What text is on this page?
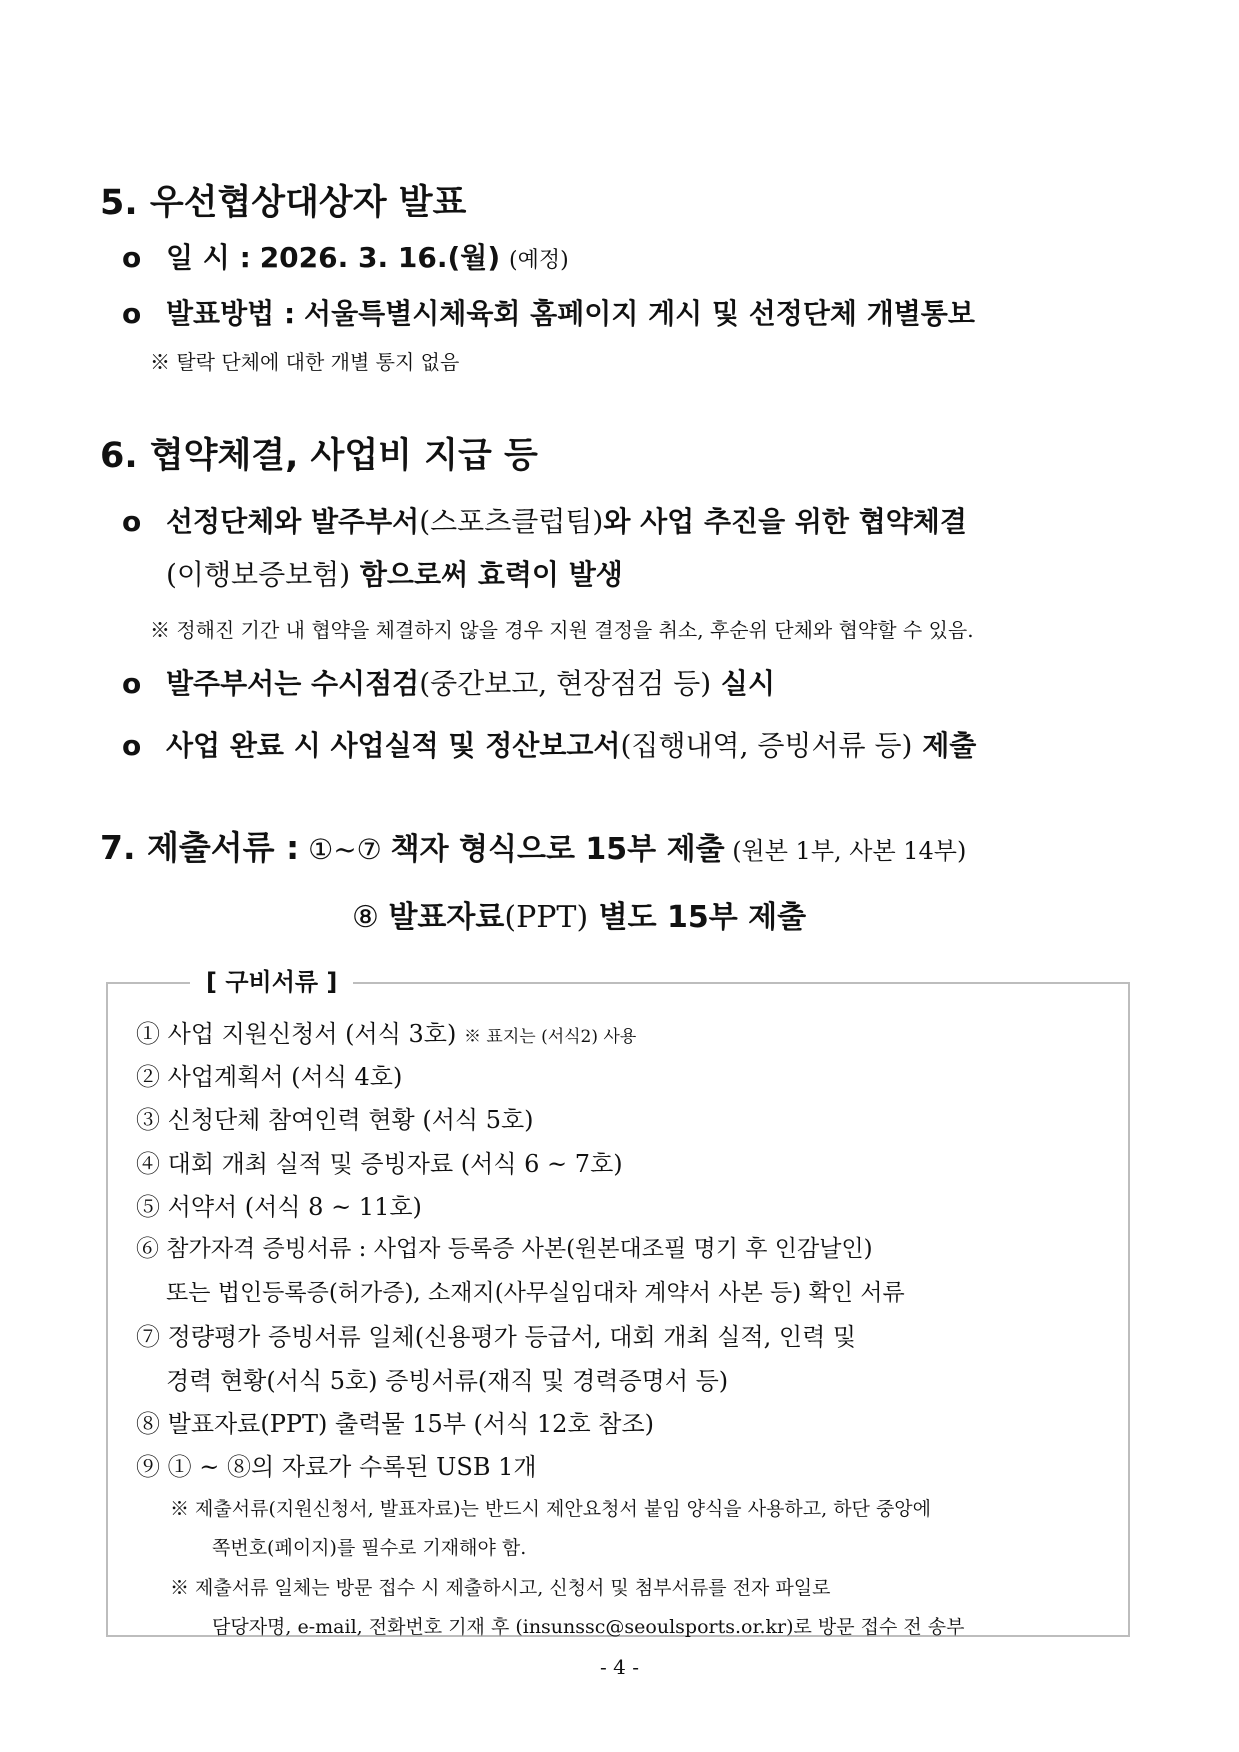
5. 우선협상대상자 발표
o 일 시 : 2026. 3. 16.(월) (예정)
o 발표방법 : 서울특별시체육회 홈페이지 게시 및 선정단체 개별통보
※ 탈락 단체에 대한 개별 통지 없음
6. 협약체결, 사업비 지급 등
o 선정단체와 발주부서(스포츠클럽팀)와 사업 추진을 위한 협약체결
(이행보증보험) 함으로써 효력이 발생
※ 정해진 기간 내 협약을 체결하지 않을 경우 지원 결정을 취소, 후순위 단체와 협약할 수 있음.
o 발주부서는 수시점검(중간보고, 현장점검 등) 실시
o 사업 완료 시 사업실적 및 정산보고서(집행내역, 증빙서류 등) 제출
7. 제출서류 : ①~⑦ 책자 형식으로 15부 제출 (원본 1부, 사본 14부)
⑧ 발표자료(PPT) 별도 15부 제출
[ 구비서류 ]
① 사업 지원신청서 (서식 3호) ※ 표지는 (서식2) 사용
② 사업계획서 (서식 4호)
③ 신청단체 참여인력 현황 (서식 5호)
④ 대회 개최 실적 및 증빙자료 (서식 6 ~ 7호)
⑤ 서약서 (서식 8 ~ 11호)
⑥ 참가자격 증빙서류 : 사업자 등록증 사본(원본대조필 명기 후 인감날인)
또는 법인등록증(허가증), 소재지(사무실임대차 계약서 사본 등) 확인 서류
⑦ 정량평가 증빙서류 일체(신용평가 등급서, 대회 개최 실적, 인력 및
경력 현황(서식 5호) 증빙서류(재직 및 경력증명서 등)
⑧ 발표자료(PPT) 출력물 15부 (서식 12호 참조)
⑨ ① ~ ⑧의 자료가 수록된 USB 1개
※ 제출서류(지원신청서, 발표자료)는 반드시 제안요청서 붙임 양식을 사용하고, 하단 중앙에
쪽번호(페이지)를 필수로 기재해야 함.
※ 제출서류 일체는 방문 접수 시 제출하시고, 신청서 및 첨부서류를 전자 파일로
담당자명, e-mail, 전화번호 기재 후 (insunssc@seoulsports.or.kr)로 방문 접수 전 송부
- 4 -
